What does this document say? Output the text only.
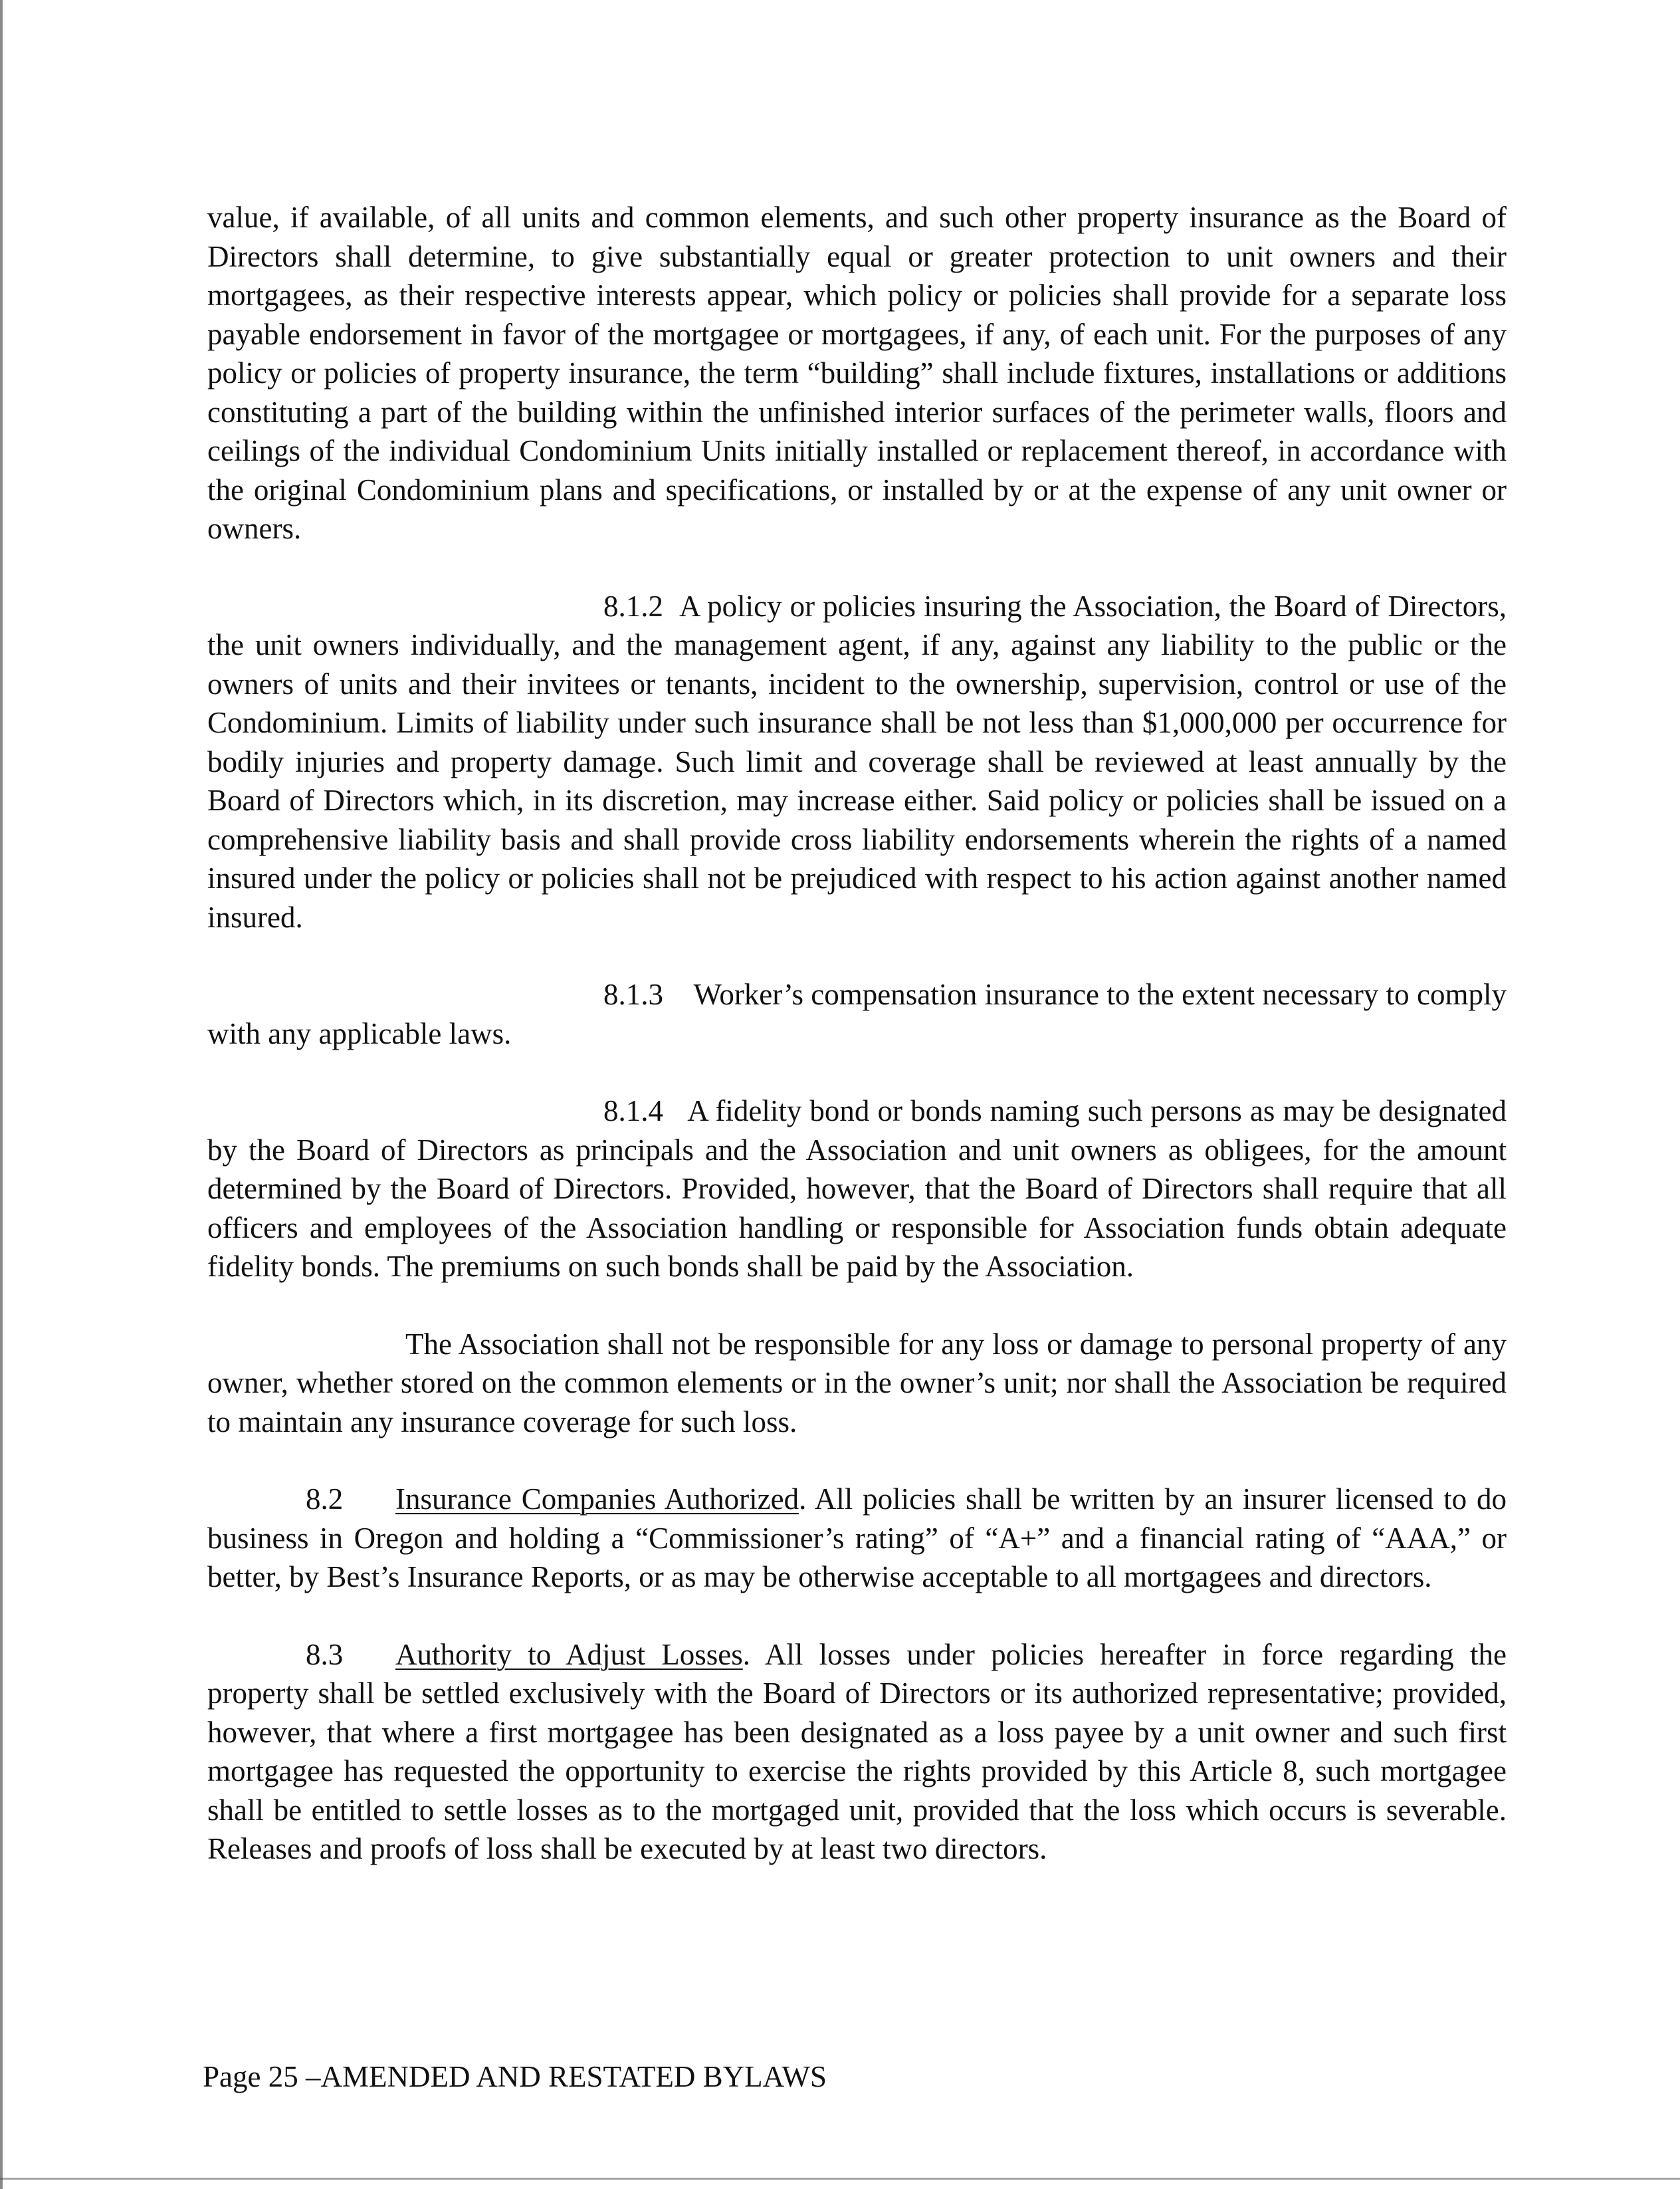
value, if available, of all units and common elements, and such other property insurance as the Board of Directors shall determine, to give substantially equal or greater protection to unit owners and their mortgagees, as their respective interests appear, which policy or policies shall provide for a separate loss payable endorsement in favor of the mortgagee or mortgagees, if any, of each unit. For the purposes of any policy or policies of property insurance, the term “building” shall include fixtures, installations or additions constituting a part of the building within the unfinished interior surfaces of the perimeter walls, floors and ceilings of the individual Condominium Units initially installed or replacement thereof, in accordance with the original Condominium plans and specifications, or installed by or at the expense of any unit owner or owners.

8.1.2 A policy or policies insuring the Association, the Board of Directors, the unit owners individually, and the management agent, if any, against any liability to the public or the owners of units and their invitees or tenants, incident to the ownership, supervision, control or use of the Condominium. Limits of liability under such insurance shall be not less than $1,000,000 per occurrence for bodily injuries and property damage. Such limit and coverage shall be reviewed at least annually by the Board of Directors which, in its discretion, may increase either. Said policy or policies shall be issued on a comprehensive liability basis and shall provide cross liability endorsements wherein the rights of a named insured under the policy or policies shall not be prejudiced with respect to his action against another named insured.

8.1.3 Worker’s compensation insurance to the extent necessary to comply with any applicable laws.

8.1.4 A fidelity bond or bonds naming such persons as may be designated by the Board of Directors as principals and the Association and unit owners as obligees, for the amount determined by the Board of Directors. Provided, however, that the Board of Directors shall require that all officers and employees of the Association handling or responsible for Association funds obtain adequate fidelity bonds. The premiums on such bonds shall be paid by the Association.

The Association shall not be responsible for any loss or damage to personal property of any owner, whether stored on the common elements or in the owner’s unit; nor shall the Association be required to maintain any insurance coverage for such loss.

8.2 Insurance Companies Authorized. All policies shall be written by an insurer licensed to do business in Oregon and holding a “Commissioner’s rating” of “A+” and a financial rating of “AAA,” or better, by Best’s Insurance Reports, or as may be otherwise acceptable to all mortgagees and directors.

8.3 Authority to Adjust Losses. All losses under policies hereafter in force regarding the property shall be settled exclusively with the Board of Directors or its authorized representative; provided, however, that where a first mortgagee has been designated as a loss payee by a unit owner and such first mortgagee has requested the opportunity to exercise the rights provided by this Article 8, such mortgagee shall be entitled to settle losses as to the mortgaged unit, provided that the loss which occurs is severable. Releases and proofs of loss shall be executed by at least two directors.

Page 25 –AMENDED AND RESTATED BYLAWS
